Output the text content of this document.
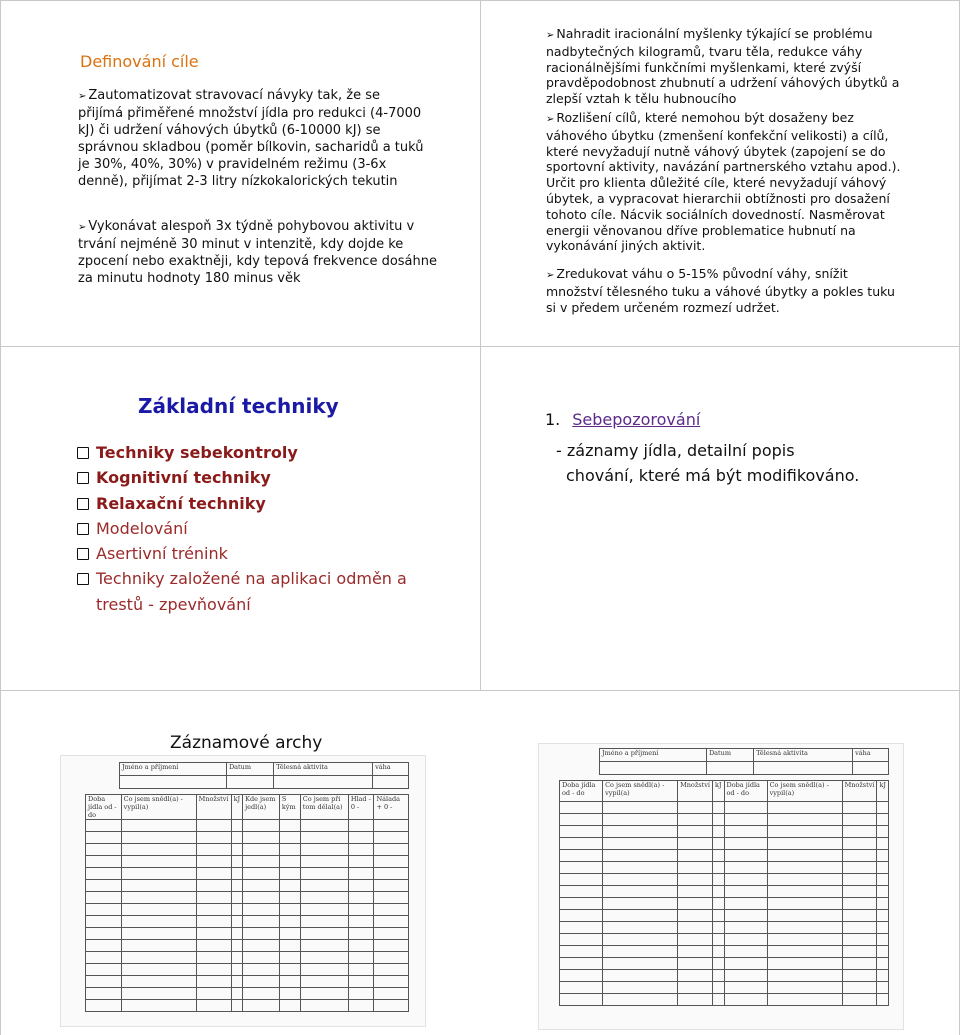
Definování cíle
➢ Zautomatizovat stravovací návyky tak, že se přijímá přiměřené množství jídla pro redukci (4-7000 kJ) či udržení váhových úbytků (6-10000 kJ) se správnou skladbou (poměr bílkovin, sacharidů a tuků je 30%, 40%, 30%) v pravidelném režimu (3-6x denně), přijímat 2-3 litry nízkokalorických tekutin
➢ Vykonávat alespoň 3x týdně pohybovou aktivitu v trvání nejméně 30 minut v intenzitě, kdy dojde ke zpocení nebo exaktněji, kdy tepová frekvence dosáhne za minutu hodnoty 180 minus věk
➢ Nahradit iracionální myšlenky týkající se problému nadbytečných kilogramů, tvaru těla, redukce váhy racionálnějšími funkčními myšlenkami, které zvýší pravděpodobnost zhubnutí a udržení váhových úbytků a zlepší vztah k tělu hubnoucího
➢ Rozlišení cílů, které nemohou být dosaženy bez váhového úbytku (zmenšení konfekční velikosti) a cílů, které nevyžadují nutně váhový úbytek (zapojení se do sportovní aktivity, navázání partnerského vztahu apod.). Určit pro klienta důležité cíle, které nevyžadují váhový úbytek, a vypracovat hierarchii obtížnosti pro dosažení tohoto cíle. Nácvik sociálních dovedností. Nasměrovat energii věnovanou dříve problematice hubnutí na vykonávání jiných aktivit.
➢ Zredukovat váhu o 5-15% původní váhy, snížit množství tělesného tuku a váhové úbytky a pokles tuku si v předem určeném rozmezí udržet.
Základní techniky
Techniky sebekontroly
Kognitivní techniky
Relaxační techniky
Modelování
Asertivní trénink
Techniky založené na aplikaci odměn a trestů - zpevňování
1. Sebepozorování
- záznamy jídla, detailní popis
chování, které má být modifikováno.
Záznamové archy
Jméno a příjmení	Datum	Tělesná aktivita	váha

Doba jídla od - do	Co jsem snědl(a) - vypil(a)	Množství	kJ	Kde jsem jedl(a)	S kým	Co jsem při tom dělal(a)	Hlad - 0 -	Nálada + 0 -

Jméno a příjmení	Datum	Tělesná aktivita	váha

Doba jídla od - do	Co jsem snědl(a) - vypil(a)	Množství	kJ	Doba jídla od - do	Co jsem snědl(a) - vypil(a)	Množství	kJ
